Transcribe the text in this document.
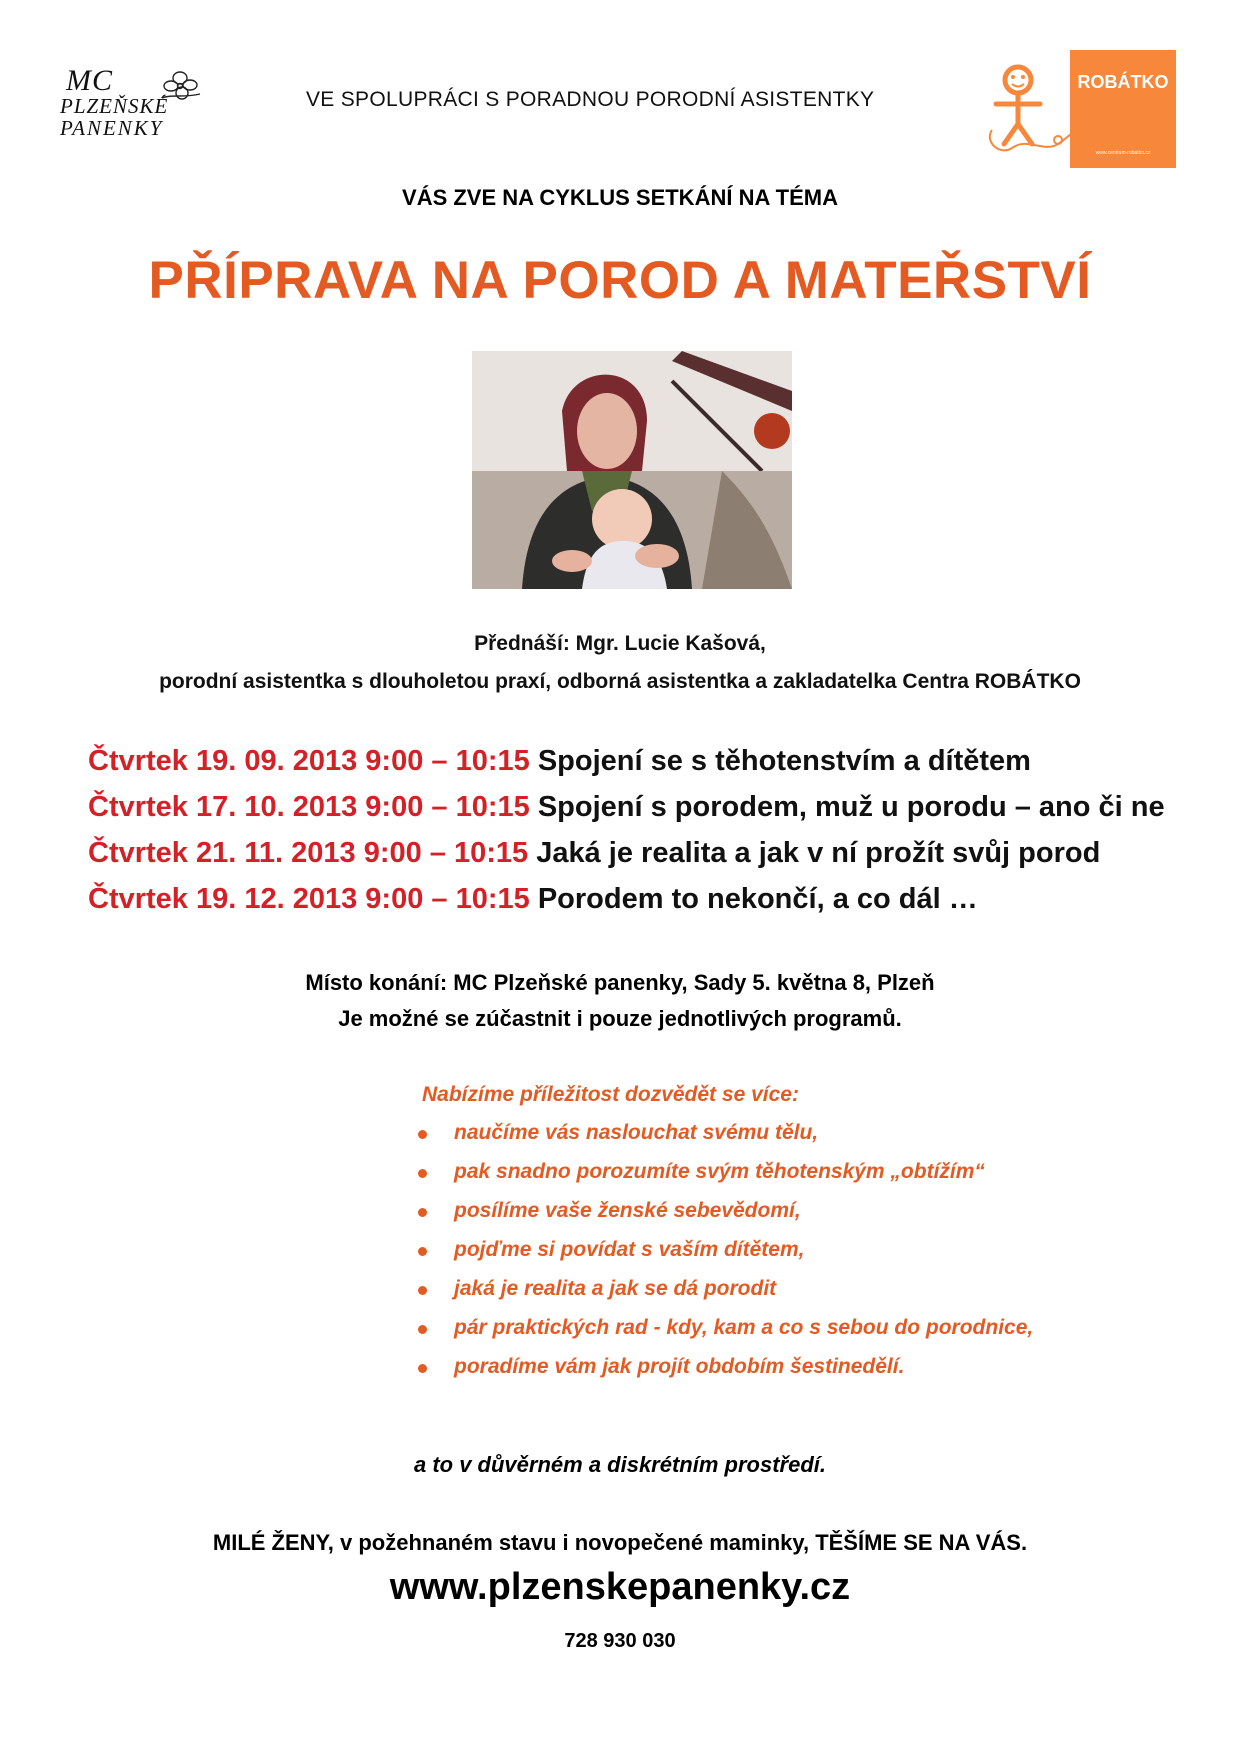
MC
PLZEŇSKÉ
PANENKY
VE SPOLUPRÁCI S PORADNOU PORODNÍ ASISTENTKY
ROBÁTKO
www.centrum-robatko.cz
VÁS ZVE NA CYKLUS SETKÁNÍ NA TÉMA
PŘÍPRAVA NA POROD A MATEŘSTVÍ
Přednáší: Mgr. Lucie Kašová,
porodní asistentka s dlouholetou praxí, odborná asistentka a zakladatelka Centra ROBÁTKO
Čtvrtek 19. 09. 2013 9:00 – 10:15 Spojení se s těhotenstvím a dítětem
Čtvrtek 17. 10. 2013 9:00 – 10:15 Spojení s porodem, muž u porodu – ano či ne
Čtvrtek 21. 11. 2013 9:00 – 10:15 Jaká je realita a jak v ní prožít svůj porod
Čtvrtek 19. 12. 2013 9:00 – 10:15 Porodem to nekončí, a co dál …
Místo konání: MC Plzeňské panenky, Sady 5. května 8, Plzeň
Je možné se zúčastnit i pouze jednotlivých programů.
Nabízíme příležitost dozvědět se více:
naučíme vás naslouchat svému tělu,
pak snadno porozumíte svým těhotenským „obtížím“
posílíme vaše ženské sebevědomí,
pojďme si povídat s vaším dítětem,
jaká je realita a jak se dá porodit
pár praktických rad - kdy, kam a co s sebou do porodnice,
poradíme vám jak projít obdobím šestinedělí.
a to v důvěrném a diskrétním prostředí.
MILÉ ŽENY, v požehnaném stavu i novopečené maminky, TĚŠÍME SE NA VÁS.
www.plzenskepanenky.cz
728 930 030
